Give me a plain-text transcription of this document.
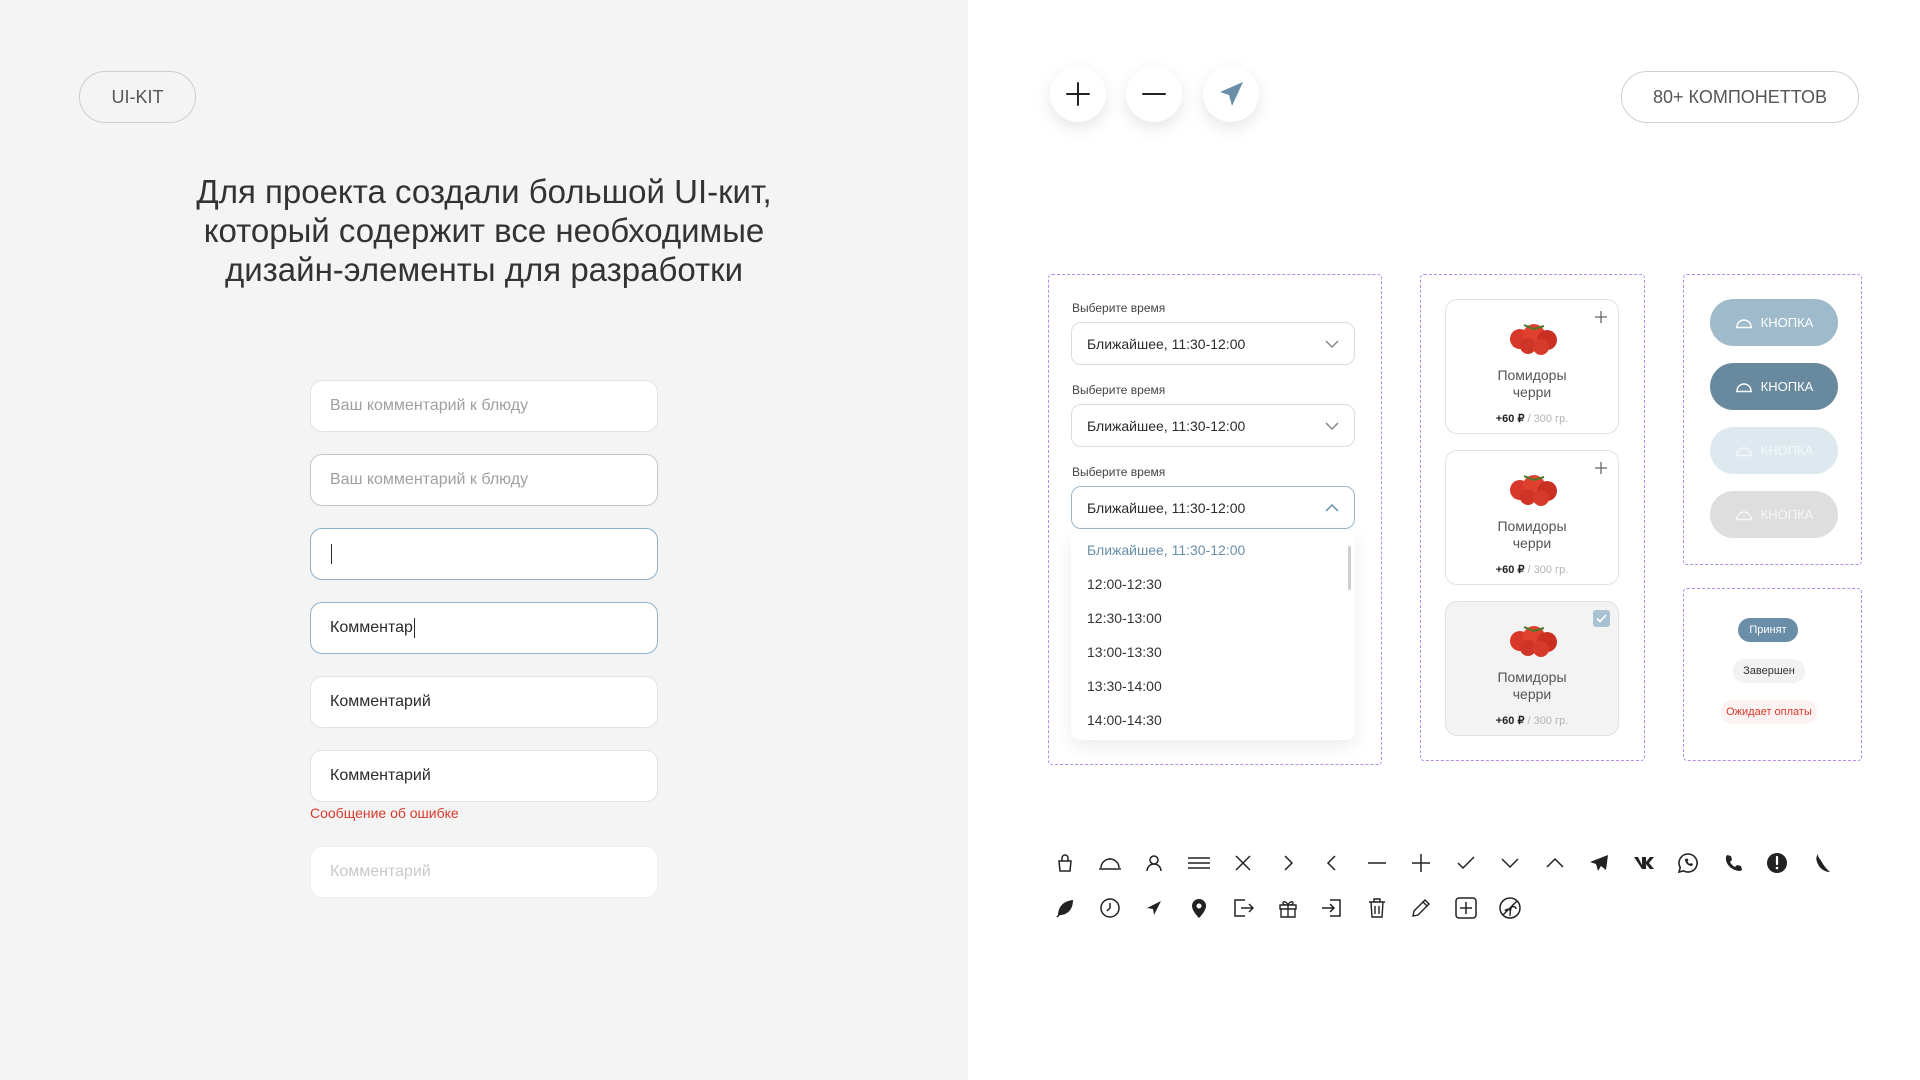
UI-KIT
Для проекта создали большой UI-кит,
который содержит все необходимые
дизайн-элементы для разработки
Ваш комментарий к блюду
Ваш комментарий к блюду
Комментар
Комментарий
Комментарий
Сообщение об ошибке
Комментарий
80+ КОМПОНЕТТОВ
Выберите время
Ближайшее, 11:30-12:00
Выберите время
Ближайшее, 11:30-12:00
Выберите время
Ближайшее, 11:30-12:00
Ближайшее, 11:30-12:00
12:00-12:30
12:30-13:00
13:00-13:30
13:30-14:00
14:00-14:30
Помидоры
черри
+60 ₽ / 300 гр.
Помидоры
черри
+60 ₽ / 300 гр.
Помидоры
черри
+60 ₽ / 300 гр.
КНОПКА
КНОПКА
КНОПКА
КНОПКА
Принят
Завершен
Ожидает оплаты
